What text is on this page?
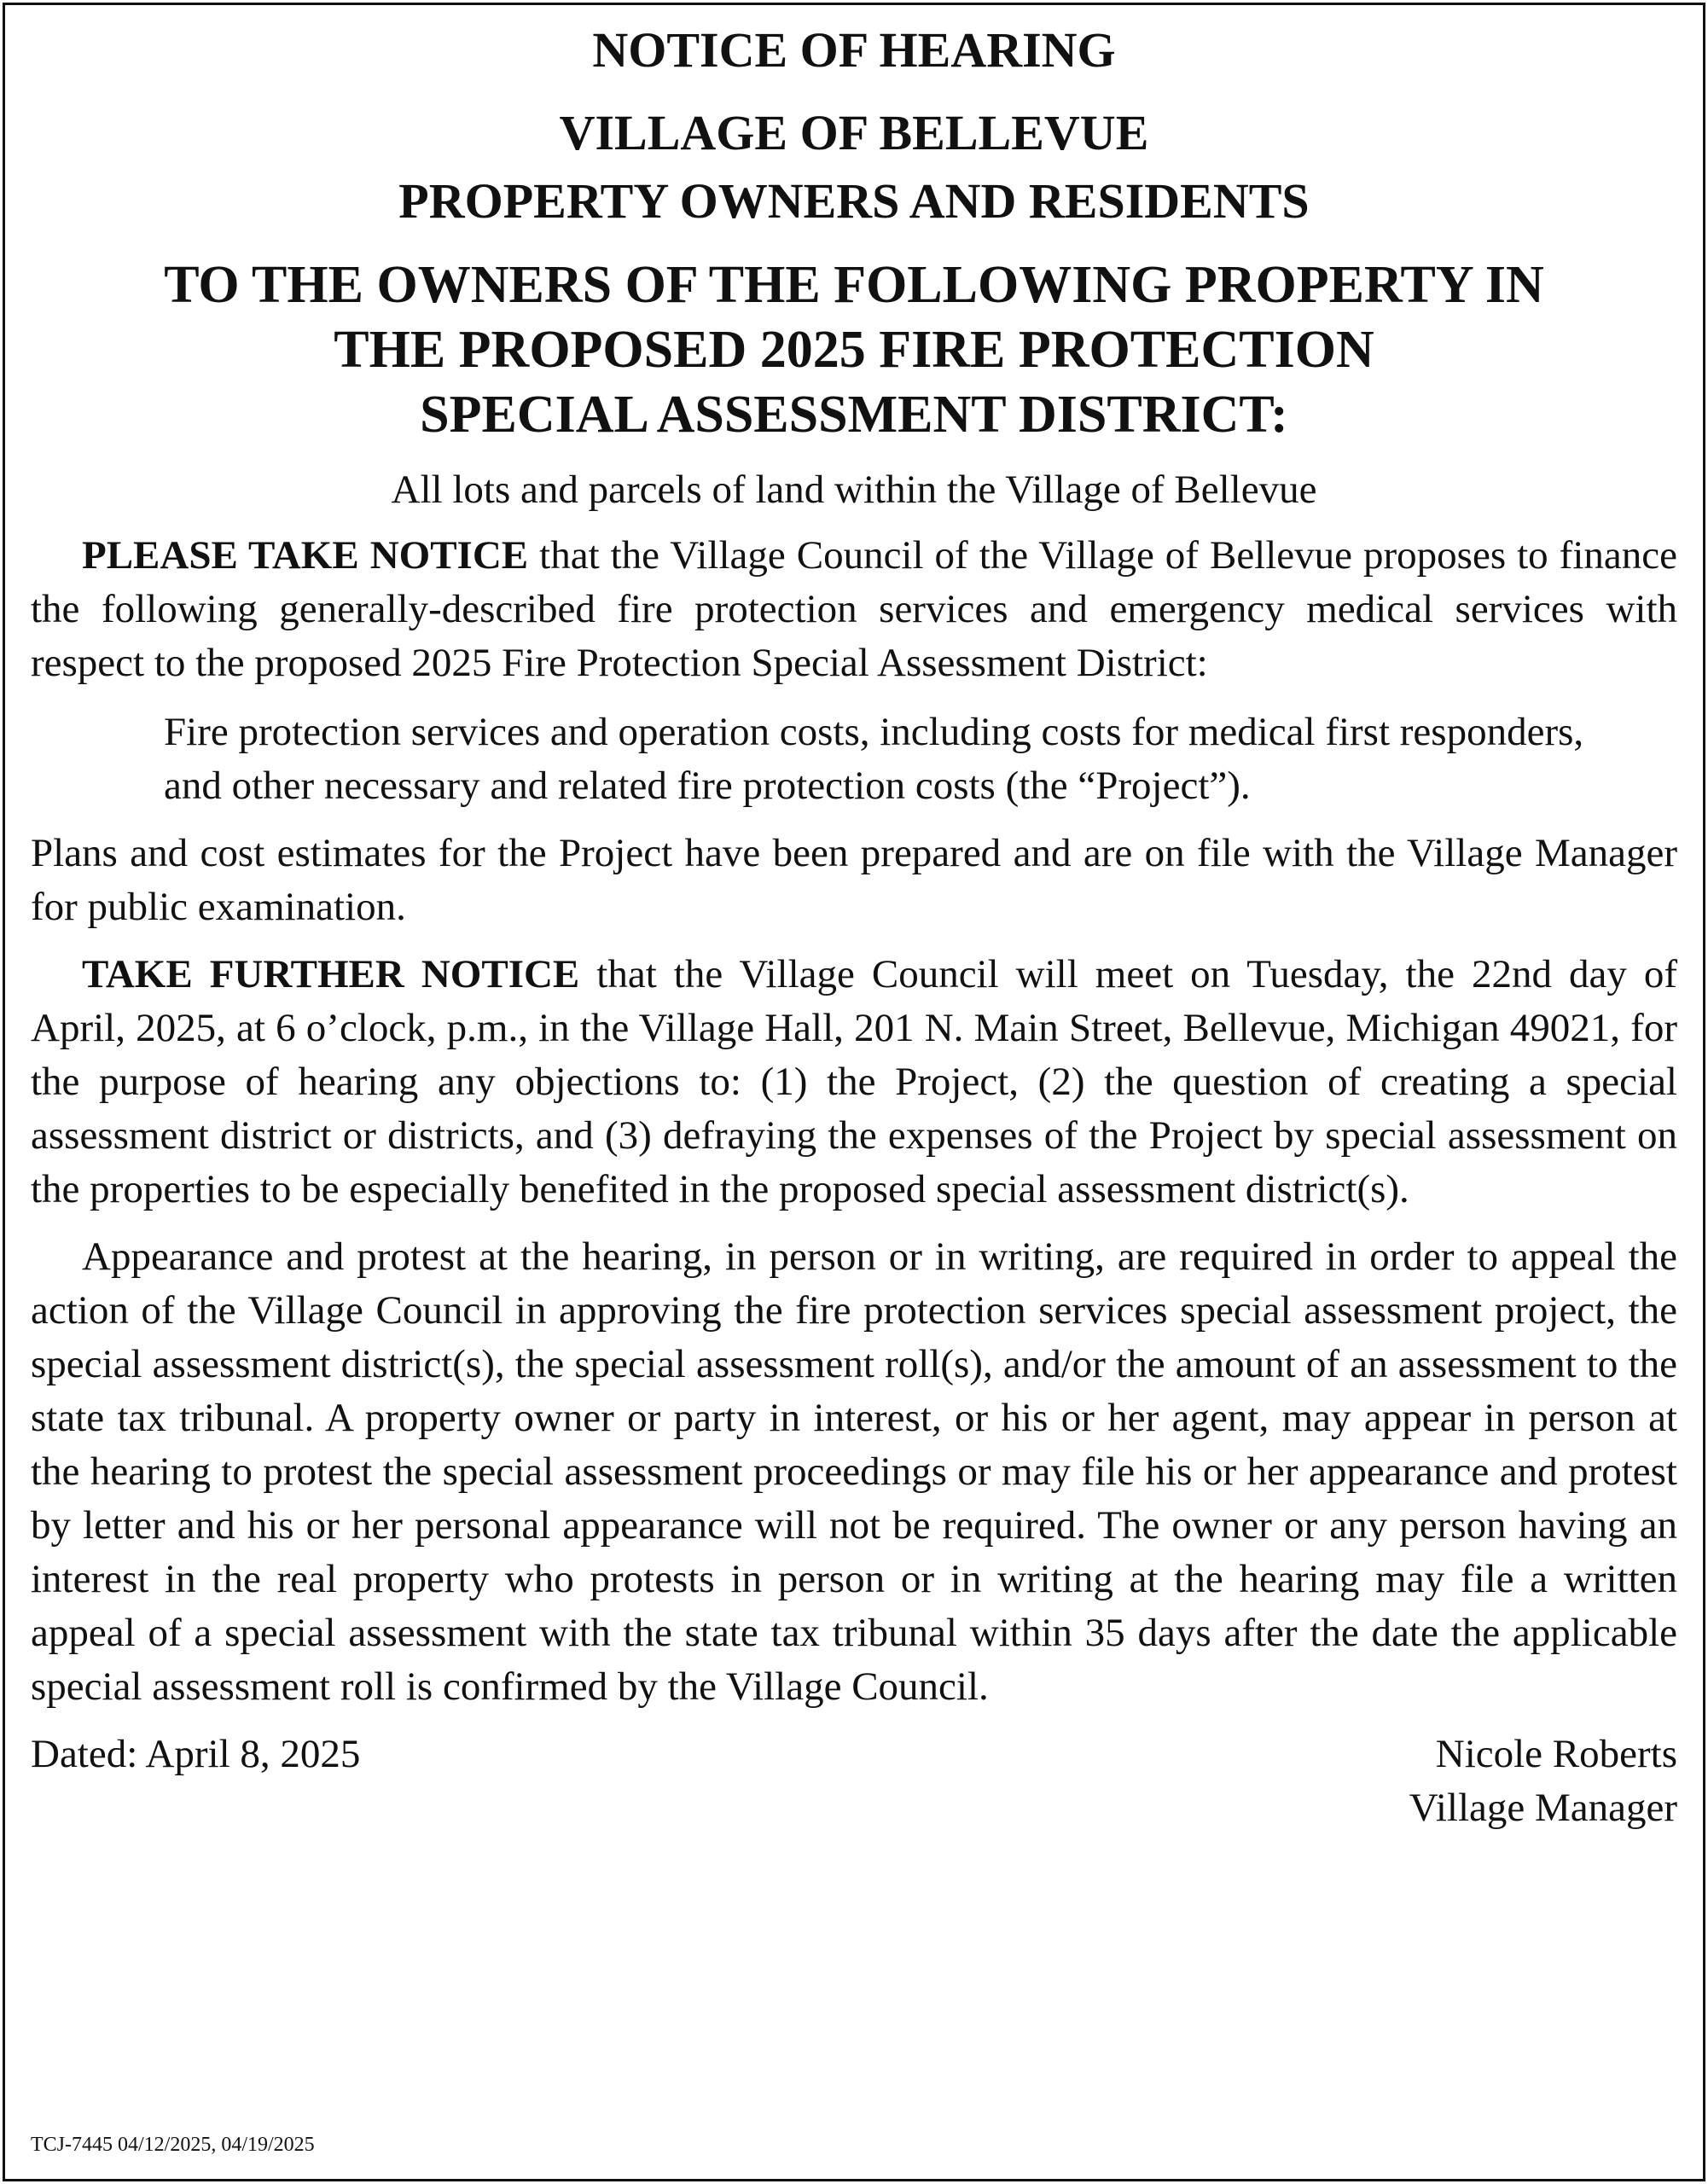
NOTICE OF HEARING
VILLAGE OF BELLEVUE
PROPERTY OWNERS AND RESIDENTS
TO THE OWNERS OF THE FOLLOWING PROPERTY IN
THE PROPOSED 2025 FIRE PROTECTION
SPECIAL ASSESSMENT DISTRICT:
All lots and parcels of land within the Village of Bellevue

PLEASE TAKE NOTICE that the Village Council of the Village of Bellevue proposes to finance the following generally-described fire protection services and emergency medical services with respect to the proposed 2025 Fire Protection Special Assessment District:

Fire protection services and operation costs, including costs for medical first responders, and other necessary and related fire protection costs (the “Project”).

Plans and cost estimates for the Project have been prepared and are on file with the Village Manager for public examination.

TAKE FURTHER NOTICE that the Village Council will meet on Tuesday, the 22nd day of April, 2025, at 6 o’clock, p.m., in the Village Hall, 201 N. Main Street, Bellevue, Michigan 49021, for the purpose of hearing any objections to: (1) the Project, (2) the question of creating a special assessment district or districts, and (3) defraying the expenses of the Project by special assessment on the properties to be especially benefited in the proposed special assessment district(s).

Appearance and protest at the hearing, in person or in writing, are required in order to appeal the action of the Village Council in approving the fire protection services special assessment project, the special assessment district(s), the special assessment roll(s), and/or the amount of an assessment to the state tax tribunal. A property owner or party in interest, or his or her agent, may appear in person at the hearing to protest the special assessment proceedings or may file his or her appearance and protest by letter and his or her personal appearance will not be required. The owner or any person having an interest in the real property who protests in person or in writing at the hearing may file a written appeal of a special assessment with the state tax tribunal within 35 days after the date the applicable special assessment roll is confirmed by the Village Council.

Dated: April 8, 2025	Nicole Roberts
Village Manager
TCJ-7445 04/12/2025, 04/19/2025
